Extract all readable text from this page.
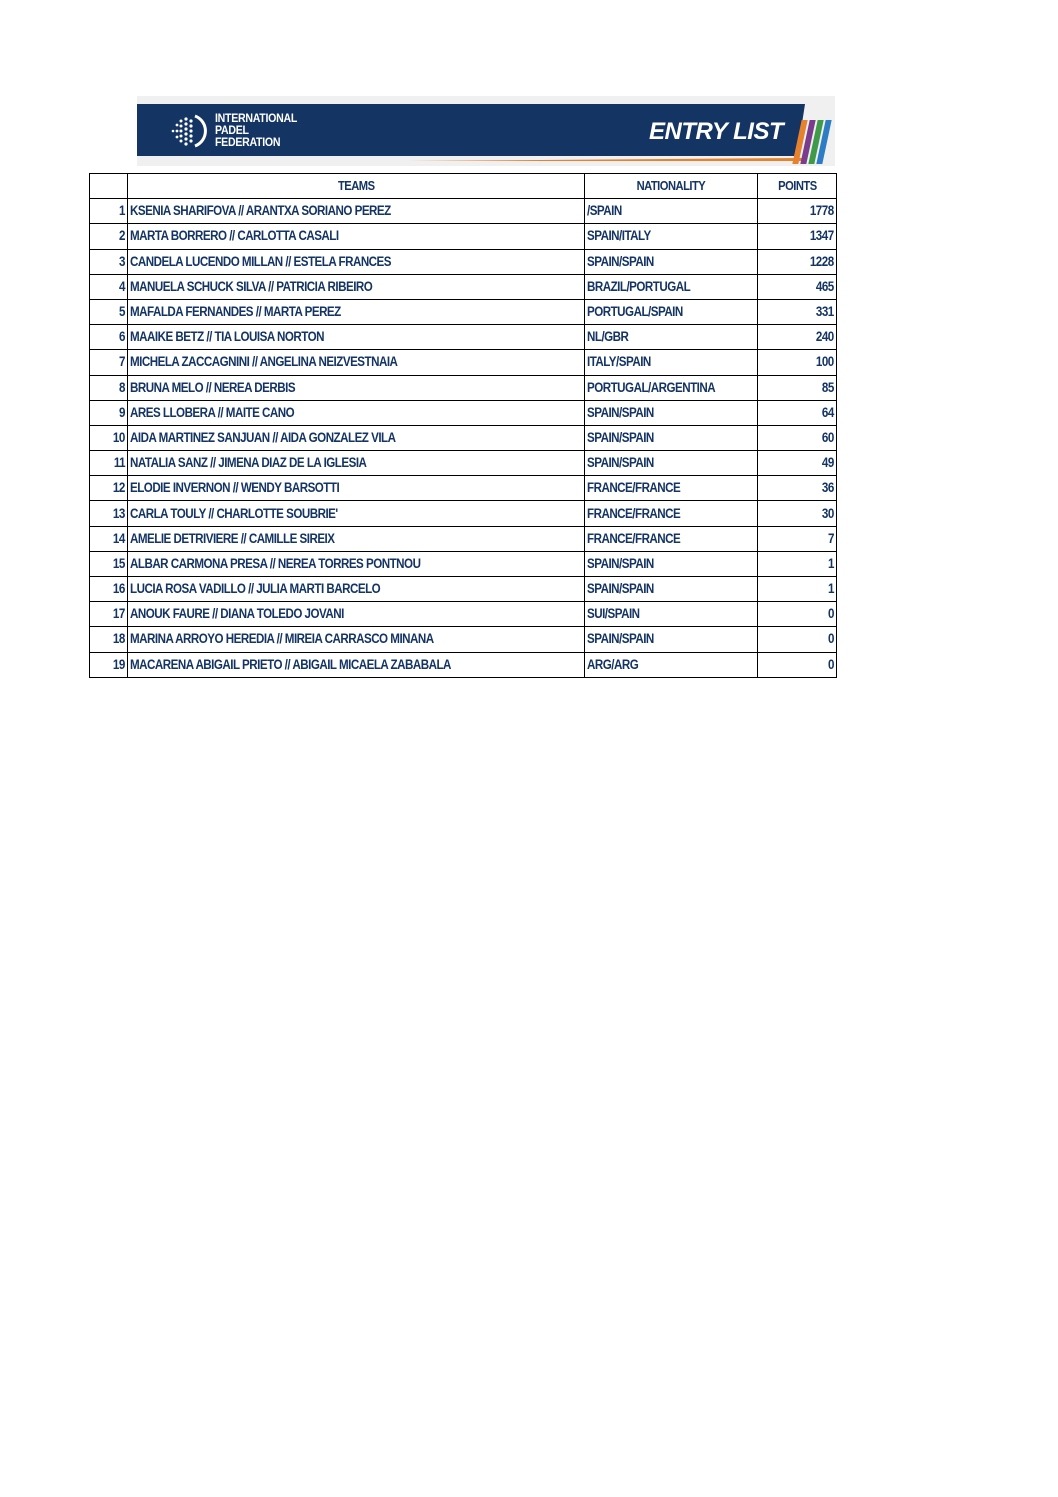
INTERNATIONAL
PADEL
FEDERATION	ENTRY LIST
	TEAMS	NATIONALITY	POINTS
1	KSENIA SHARIFOVA // ARANTXA SORIANO PEREZ	/SPAIN	1778
2	MARTA BORRERO // CARLOTTA CASALI	SPAIN/ITALY	1347
3	CANDELA LUCENDO MILLAN // ESTELA FRANCES	SPAIN/SPAIN	1228
4	MANUELA SCHUCK SILVA // PATRICIA RIBEIRO	BRAZIL/PORTUGAL	465
5	MAFALDA FERNANDES // MARTA PEREZ	PORTUGAL/SPAIN	331
6	MAAIKE BETZ // TIA LOUISA NORTON	NL/GBR	240
7	MICHELA ZACCAGNINI // ANGELINA NEIZVESTNAIA	ITALY/SPAIN	100
8	BRUNA MELO // NEREA DERBIS	PORTUGAL/ARGENTINA	85
9	ARES LLOBERA // MAITE CANO	SPAIN/SPAIN	64
10	AIDA MARTINEZ SANJUAN // AIDA GONZALEZ VILA	SPAIN/SPAIN	60
11	NATALIA SANZ // JIMENA DIAZ DE LA IGLESIA	SPAIN/SPAIN	49
12	ELODIE INVERNON // WENDY BARSOTTI	FRANCE/FRANCE	36
13	CARLA TOULY // CHARLOTTE SOUBRIE'	FRANCE/FRANCE	30
14	AMELIE DETRIVIERE // CAMILLE SIREIX	FRANCE/FRANCE	7
15	ALBAR CARMONA PRESA // NEREA TORRES PONTNOU	SPAIN/SPAIN	1
16	LUCIA ROSA VADILLO // JULIA MARTI BARCELO	SPAIN/SPAIN	1
17	ANOUK FAURE // DIANA TOLEDO JOVANI	SUI/SPAIN	0
18	MARINA ARROYO HEREDIA // MIREIA CARRASCO MINANA	SPAIN/SPAIN	0
19	MACARENA ABIGAIL PRIETO // ABIGAIL MICAELA ZABABALA	ARG/ARG	0
